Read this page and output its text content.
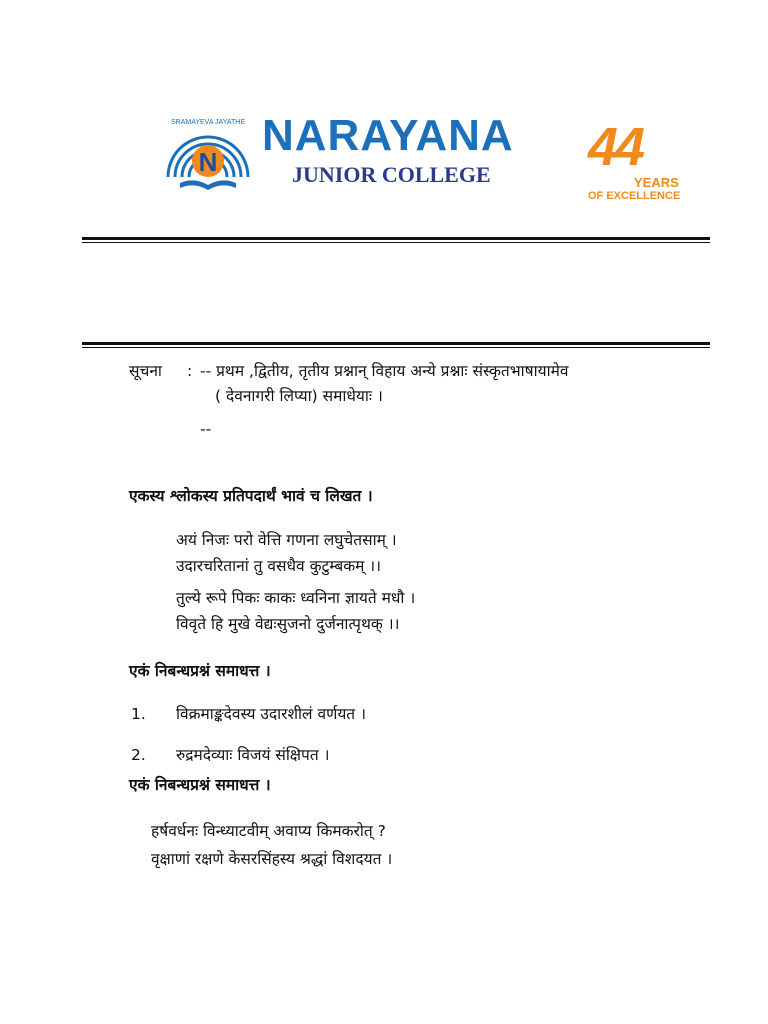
N
SRAMAYEVA JAYATHE NARAYANA
JUNIOR COLLEGE 44
YEARS
OF EXCELLENCE
सूचना : -- प्रथम ,द्वितीय, तृतीय प्रश्नान् विहाय अन्ये प्रश्नाः संस्कृतभाषायामेव
( देवनागरी लिप्या) समाधेयाः ।
--
एकस्य श्लोकस्य प्रतिपदार्थं भावं च लिखत ।
अयं निजः परो वेत्ति गणना लघुचेतसाम् ।
उदारचरितानां तु वसधैव कुटुम्बकम् ।।
तुल्ये रूपे पिकः काकः ध्वनिना ज्ञायते मधौ ।
विवृते हि मुखे वेद्यःसुजनो दुर्जनात्पृथक् ।।
एकं निबन्धप्रश्नं समाधत्त ।
1. विक्रमाङ्कदेवस्य उदारशीलं वर्णयत ।
2. रुद्रमदेव्याः विजयं संक्षिपत ।
एकं निबन्धप्रश्नं समाधत्त ।
हर्षवर्धनः विन्ध्याटवीम् अवाप्य किमकरोत् ?
वृक्षाणां रक्षणे केसरसिंहस्य श्रद्धां विशदयत ।
